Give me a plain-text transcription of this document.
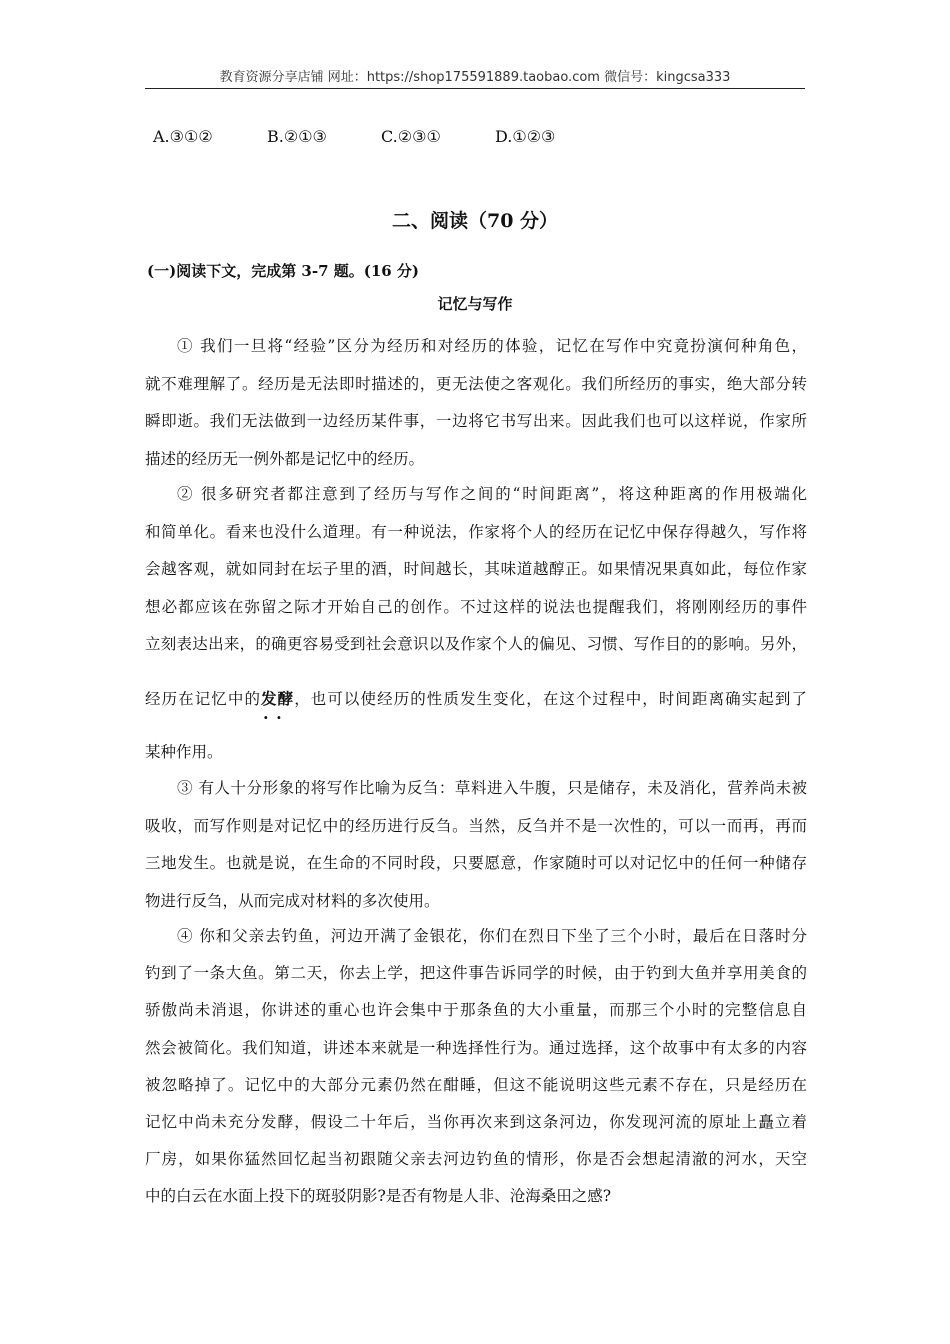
教育资源分享店铺 网址：https://shop175591889.taobao.com 微信号：kingcsa333
A.③①②	B.②①③	C.②③①	D.①②③
二、阅读（70 分）
(一)阅读下文，完成第 3-7 题。(16 分)
记忆与写作
① 我们一旦将“经验”区分为经历和对经历的体验，记忆在写作中究竟扮演何种角色，
就不难理解了。经历是无法即时描述的，更无法使之客观化。我们所经历的事实，绝大部分转
瞬即逝。我们无法做到一边经历某件事，一边将它书写出来。因此我们也可以这样说，作家所
描述的经历无一例外都是记忆中的经历。
② 很多研究者都注意到了经历与写作之间的“时间距离”，将这种距离的作用极端化
和简单化。看来也没什么道理。有一种说法，作家将个人的经历在记忆中保存得越久，写作将
会越客观，就如同封在坛子里的酒，时间越长，其味道越醇正。如果情况果真如此，每位作家
想必都应该在弥留之际才开始自己的创作。不过这样的说法也提醒我们，将刚刚经历的事件
立刻表达出来，的确更容易受到社会意识以及作家个人的偏见、习惯、写作目的的影响。另外，
经历在记忆中的发酵 · ·，也可以使经历的性质发生变化，在这个过程中，时间距离确实起到了
某种作用。
③ 有人十分形象的将写作比喻为反刍：草料进入牛腹，只是储存，未及消化，营养尚未被
吸收，而写作则是对记忆中的经历进行反刍。当然，反刍并不是一次性的，可以一而再，再而
三地发生。也就是说，在生命的不同时段，只要愿意，作家随时可以对记忆中的任何一种储存
物进行反刍，从而完成对材料的多次使用。
④ 你和父亲去钓鱼，河边开满了金银花，你们在烈日下坐了三个小时，最后在日落时分
钓到了一条大鱼。第二天，你去上学，把这件事告诉同学的时候，由于钓到大鱼并享用美食的
骄傲尚未消退，你讲述的重心也许会集中于那条鱼的大小重量，而那三个小时的完整信息自
然会被简化。我们知道，讲述本来就是一种选择性行为。通过选择，这个故事中有太多的内容
被忽略掉了。记忆中的大部分元素仍然在酣睡，但这不能说明这些元素不存在，只是经历在
记忆中尚未充分发酵，假设二十年后，当你再次来到这条河边，你发现河流的原址上矗立着
厂房，如果你猛然回忆起当初跟随父亲去河边钓鱼的情形，你是否会想起清澈的河水，天空
中的白云在水面上投下的斑驳阴影?是否有物是人非、沧海桑田之感?
